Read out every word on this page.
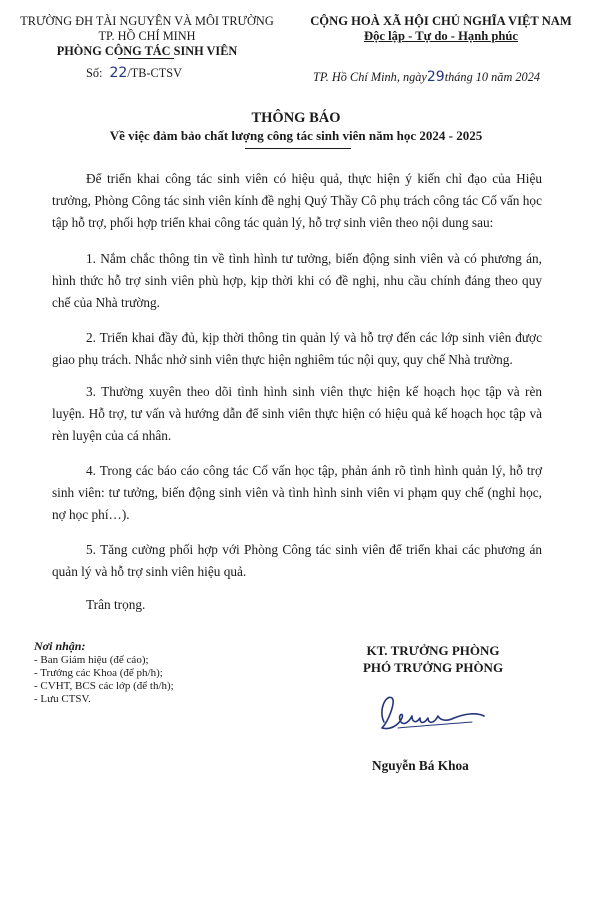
TRƯỜNG ĐH TÀI NGUYÊN VÀ MÔI TRƯỜNG
TP. HỒ CHÍ MINH
PHÒNG CÔNG TÁC SINH VIÊN
Số: 22/TB-CTSV
CỘNG HOÀ XÃ HỘI CHỦ NGHĨA VIỆT NAM
Độc lập - Tự do - Hạnh phúc
TP. Hồ Chí Minh, ngày29tháng 10 năm 2024
THÔNG BÁO
Về việc đảm bảo chất lượng công tác sinh viên năm học 2024 - 2025

Để triển khai công tác sinh viên có hiệu quả, thực hiện ý kiến chỉ đạo của Hiệu trưởng, Phòng Công tác sinh viên kính đề nghị Quý Thầy Cô phụ trách công tác Cố vấn học tập hỗ trợ, phối hợp triển khai công tác quản lý, hỗ trợ sinh viên theo nội dung sau:

1. Nắm chắc thông tin về tình hình tư tưởng, biến động sinh viên và có phương án, hình thức hỗ trợ sinh viên phù hợp, kịp thời khi có đề nghị, nhu cầu chính đáng theo quy chế của Nhà trường.

2. Triển khai đầy đủ, kịp thời thông tin quản lý và hỗ trợ đến các lớp sinh viên được giao phụ trách. Nhắc nhở sinh viên thực hiện nghiêm túc nội quy, quy chế Nhà trường.

3. Thường xuyên theo dõi tình hình sinh viên thực hiện kế hoạch học tập và rèn luyện. Hỗ trợ, tư vấn và hướng dẫn để sinh viên thực hiện có hiệu quả kế hoạch học tập và rèn luyện của cá nhân.

4. Trong các báo cáo công tác Cố vấn học tập, phản ánh rõ tình hình quản lý, hỗ trợ sinh viên: tư tưởng, biến động sinh viên và tình hình sinh viên vi phạm quy chế (nghỉ học, nợ học phí…).

5. Tăng cường phối hợp với Phòng Công tác sinh viên để triển khai các phương án quản lý và hỗ trợ sinh viên hiệu quả.

Trân trọng.
Nơi nhận:
- Ban Giám hiệu (để cáo);
- Trưởng các Khoa (để ph/h);
- CVHT, BCS các lớp (để th/h);
- Lưu CTSV.
KT. TRƯỞNG PHÒNG
PHÓ TRƯỞNG PHÒNG
Nguyễn Bá Khoa
